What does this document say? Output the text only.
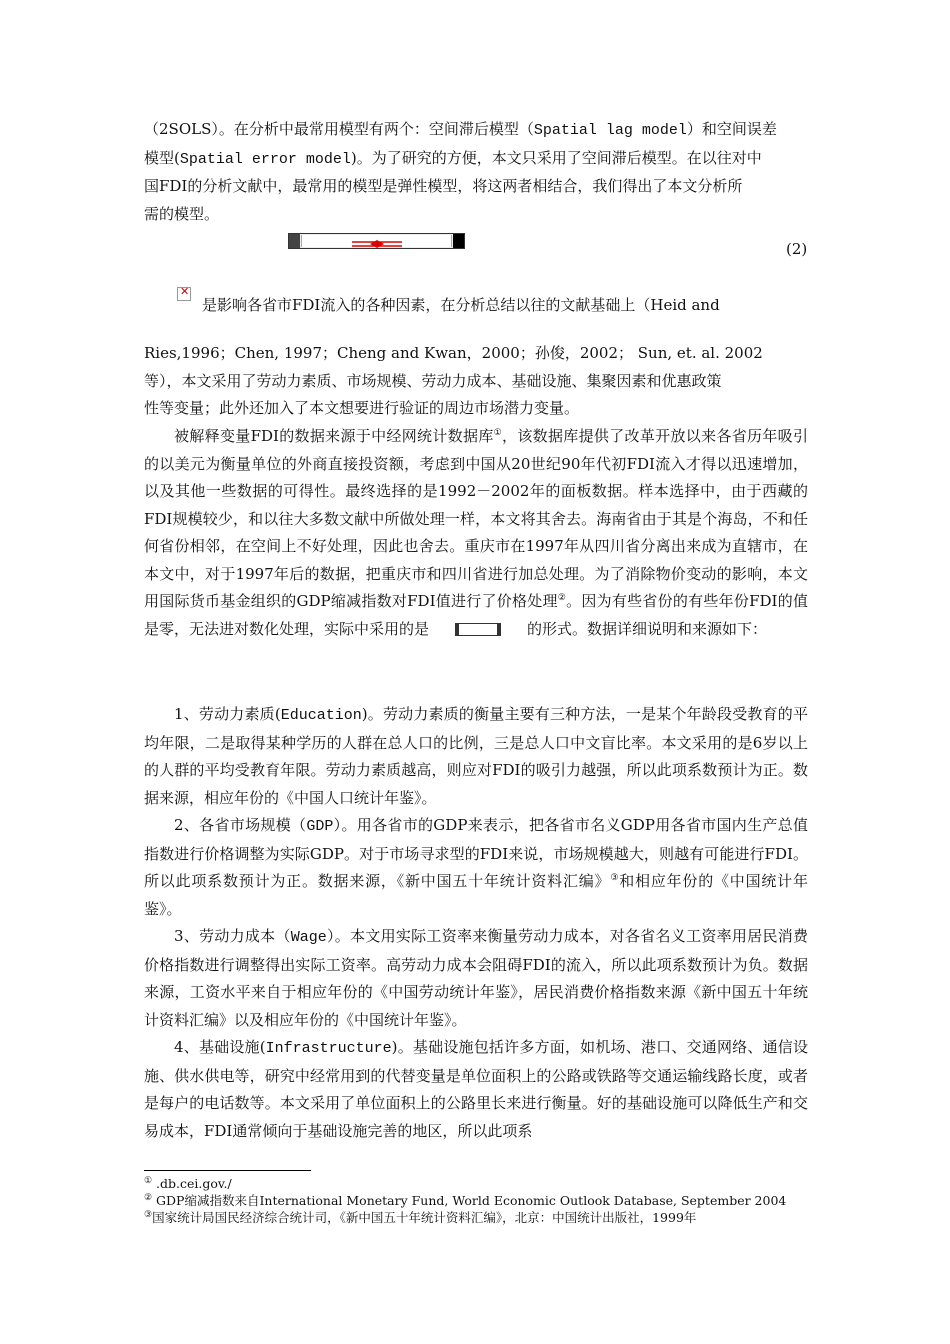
（2SOLS）。在分析中最常用模型有两个：空间滞后模型（Spatial lag model）和空间误差
模型(Spatial error model)。为了研究的方便，本文只采用了空间滞后模型。在以往对中
国FDI的分析文献中，最常用的模型是弹性模型，将这两者相结合，我们得出了本文分析所
需的模型。
(2)
✕
是影响各省市FDI流入的各种因素，在分析总结以往的文献基础上（Heid and
Ries,1996；Chen, 1997；Cheng and Kwan，2000；孙俊，2002； Sun, et. al. 2002
等），本文采用了劳动力素质、市场规模、劳动力成本、基础设施、集聚因素和优惠政策
性等变量；此外还加入了本文想要进行验证的周边市场潜力变量。

被解释变量FDI的数据来源于中经网统计数据库①，该数据库提供了改革开放以来各省历年吸引的以美元为衡量单位的外商直接投资额，考虑到中国从20世纪90年代初FDI流入才得以迅速增加，以及其他一些数据的可得性。最终选择的是1992－2002年的面板数据。样本选择中，由于西藏的FDI规模较少，和以往大多数文献中所做处理一样，本文将其舍去。海南省由于其是个海岛，不和任何省份相邻，在空间上不好处理，因此也舍去。重庆市在1997年从四川省分离出来成为直辖市，在本文中，对于1997年后的数据，把重庆市和四川省进行加总处理。为了消除物价变动的影响，本文用国际货币基金组织的GDP缩减指数对FDI值进行了价格处理②。因为有些省份的有些年份FDI的值是零，无法进对数化处理，实际中采用的是	的形式。数据详细说明和来源如下：

1、劳动力素质(Education)。劳动力素质的衡量主要有三种方法，一是某个年龄段受教育的平均年限，二是取得某种学历的人群在总人口的比例，三是总人口中文盲比率。本文采用的是6岁以上的人群的平均受教育年限。劳动力素质越高，则应对FDI的吸引力越强，所以此项系数预计为正。数据来源，相应年份的《中国人口统计年鉴》。

2、各省市场规模（GDP）。用各省市的GDP来表示，把各省市名义GDP用各省市国内生产总值指数进行价格调整为实际GDP。对于市场寻求型的FDI来说，市场规模越大，则越有可能进行FDI。所以此项系数预计为正。数据来源，《新中国五十年统计资料汇编》③和相应年份的《中国统计年鉴》。

3、劳动力成本（Wage）。本文用实际工资率来衡量劳动力成本，对各省名义工资率用居民消费价格指数进行调整得出实际工资率。高劳动力成本会阻碍FDI的流入，所以此项系数预计为负。数据来源，工资水平来自于相应年份的《中国劳动统计年鉴》，居民消费价格指数来源《新中国五十年统计资料汇编》以及相应年份的《中国统计年鉴》。

4、基础设施(Infrastructure)。基础设施包括许多方面，如机场、港口、交通网络、通信设施、供水供电等，研究中经常用到的代替变量是单位面积上的公路或铁路等交通运输线路长度，或者是每户的电话数等。本文采用了单位面积上的公路里长来进行衡量。好的基础设施可以降低生产和交易成本，FDI通常倾向于基础设施完善的地区，所以此项系

① .db.cei.gov./

② GDP缩减指数来自International Monetary Fund, World Economic Outlook Database, September 2004

③国家统计局国民经济综合统计司，《新中国五十年统计资料汇编》，北京：中国统计出版社，1999年
